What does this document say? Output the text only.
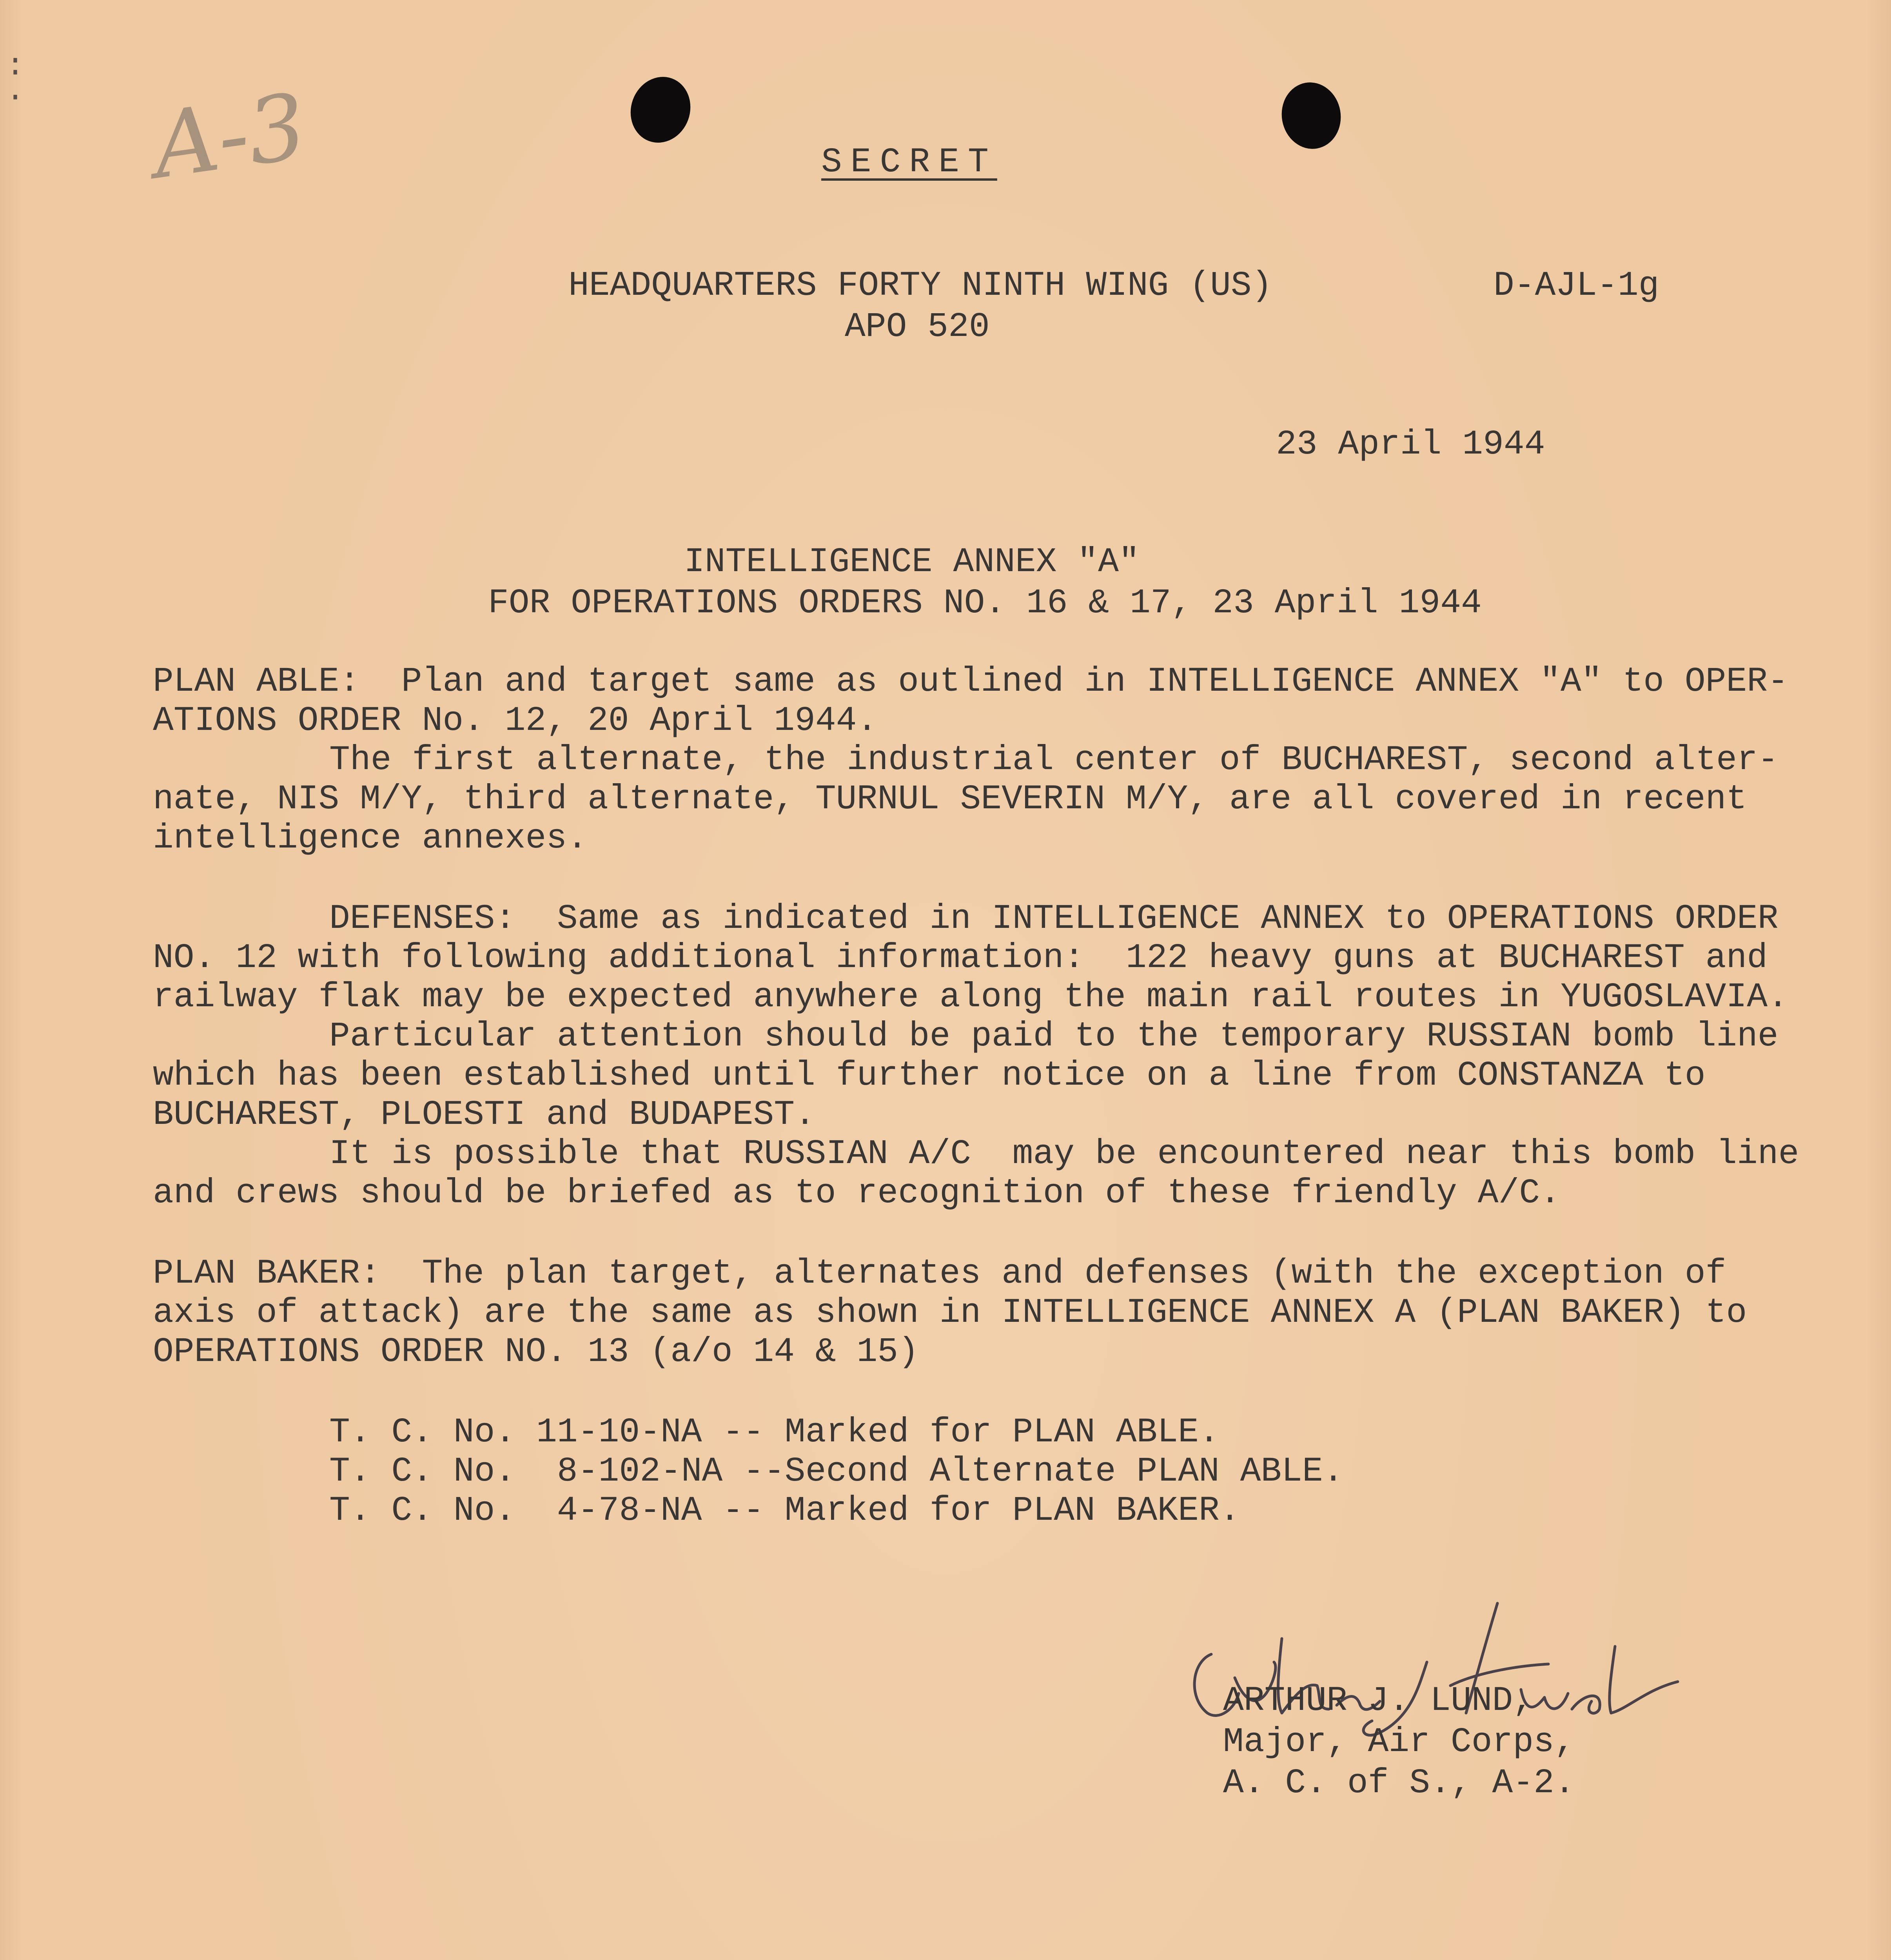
:
· A-3	SECRET
HEADQUARTERS FORTY NINTH WING (US)
APO 520
D-AJL-1g
23 April 1944
INTELLIGENCE ANNEX "A"
FOR OPERATIONS ORDERS NO. 16 & 17, 23 April 1944
PLAN ABLE:  Plan and target same as outlined in INTELLIGENCE ANNEX "A" to OPER-
ATIONS ORDER No. 12, 20 April 1944.
The first alternate, the industrial center of BUCHAREST, second alter-
nate, NIS M/Y, third alternate, TURNUL SEVERIN M/Y, are all covered in recent
intelligence annexes.
DEFENSES:  Same as indicated in INTELLIGENCE ANNEX to OPERATIONS ORDER
NO. 12 with following additional information:  122 heavy guns at BUCHAREST and
railway flak may be expected anywhere along the main rail routes in YUGOSLAVIA.
Particular attention should be paid to the temporary RUSSIAN bomb line
which has been established until further notice on a line from CONSTANZA to
BUCHAREST, PLOESTI and BUDAPEST.
It is possible that RUSSIAN A/C  may be encountered near this bomb line
and crews should be briefed as to recognition of these friendly A/C.
PLAN BAKER:  The plan target, alternates and defenses (with the exception of
axis of attack) are the same as shown in INTELLIGENCE ANNEX A (PLAN BAKER) to
OPERATIONS ORDER NO. 13 (a/o 14 & 15)
T. C. No. 11-10-NA -- Marked for PLAN ABLE.
T. C. No.  8-102-NA --Second Alternate PLAN ABLE.
T. C. No.  4-78-NA -- Marked for PLAN BAKER.
ARTHUR J. LUND,
Major, Air Corps,
A. C. of S., A-2.
